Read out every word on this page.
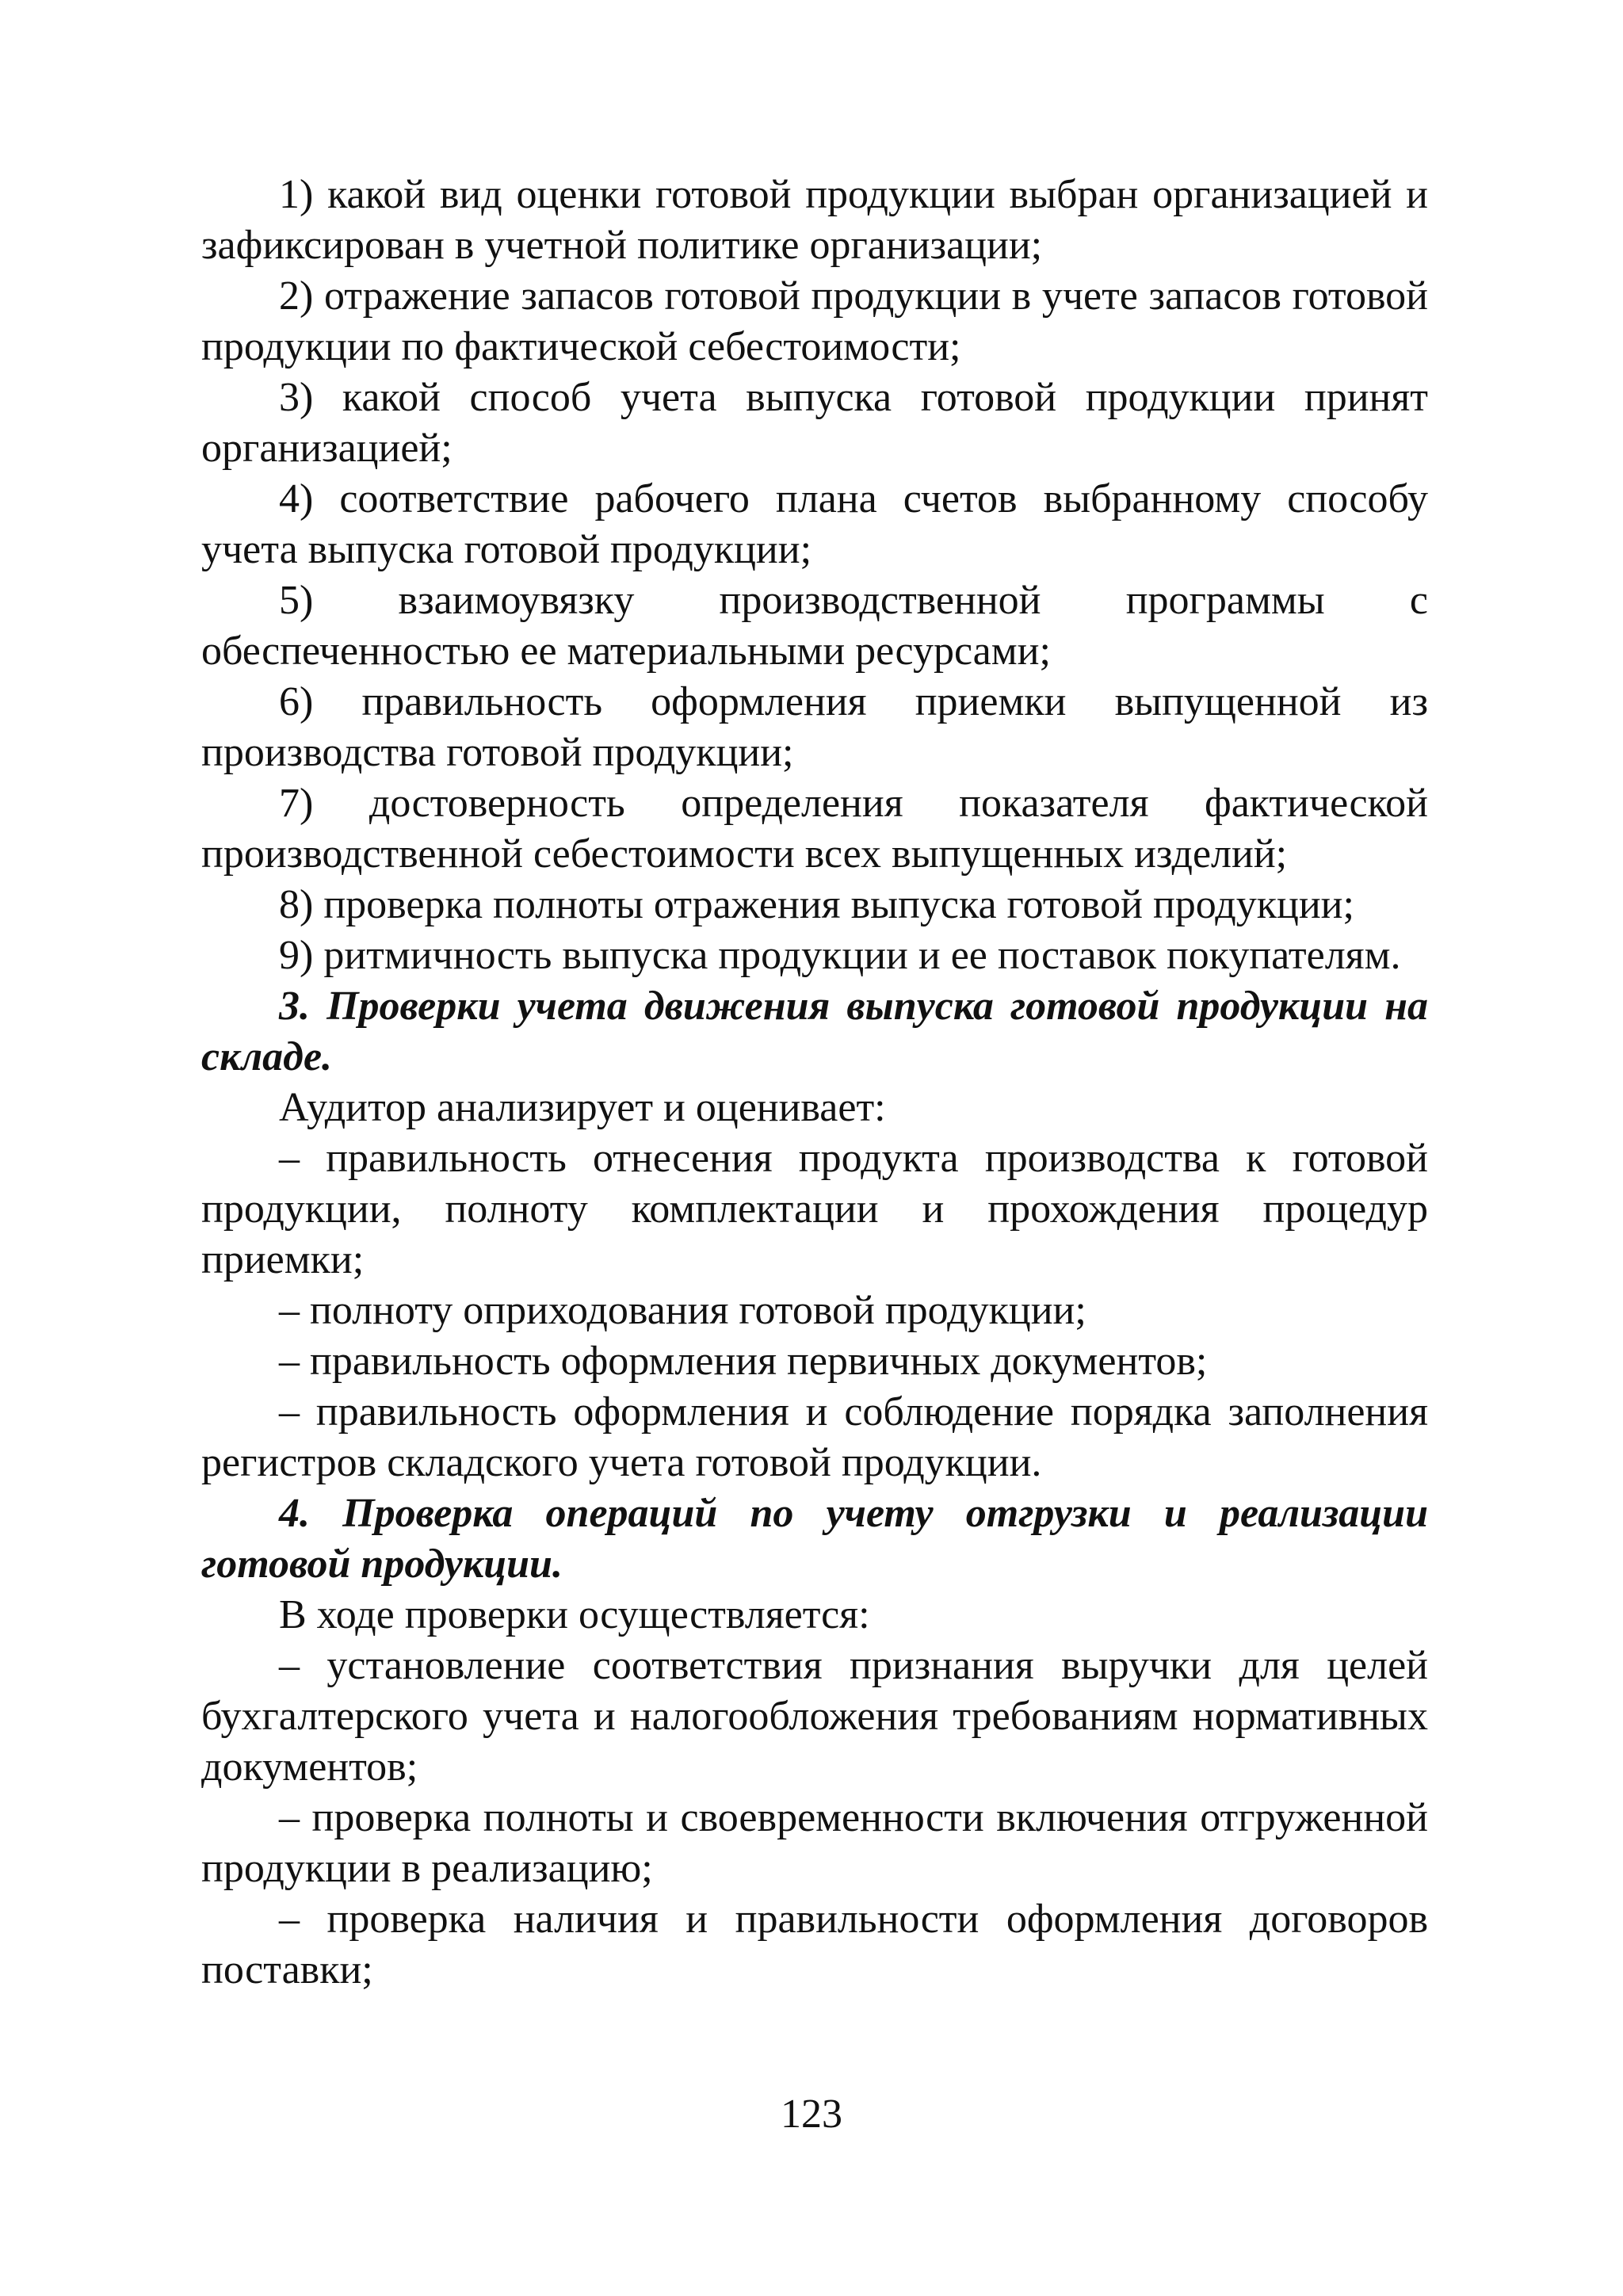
1) какой вид оценки готовой продукции выбран организацией и зафиксирован в учетной политике организации;

2) отражение запасов готовой продукции в учете запасов готовой продукции по фактической себестоимости;

3) какой способ учета выпуска готовой продукции принят организацией;

4) соответствие рабочего плана счетов выбранному способу учета выпуска готовой продукции;

5) взаимоувязку производственной программы с обеспеченностью ее материальными ресурсами;

6) правильность оформления приемки выпущенной из производства готовой продукции;

7) достоверность определения показателя фактической производственной себестоимости всех выпущенных изделий;

8) проверка полноты отражения выпуска готовой продукции;

9) ритмичность выпуска продукции и ее поставок покупателям.

3. Проверки учета движения выпуска готовой продукции на складе.

Аудитор анализирует и оценивает:

– правильность отнесения продукта производства к готовой продукции, полноту комплектации и прохождения процедур приемки;

– полноту оприходования готовой продукции;

– правильность оформления первичных документов;

– правильность оформления и соблюдение порядка заполнения регистров складского учета готовой продукции.

4. Проверка операций по учету отгрузки и реализации готовой продукции.

В ходе проверки осуществляется:

– установление соответствия признания выручки для целей бухгалтерского учета и налогообложения требованиям нормативных документов;

– проверка полноты и своевременности включения отгруженной продукции в реализацию;

– проверка наличия и правильности оформления договоров поставки;

123
